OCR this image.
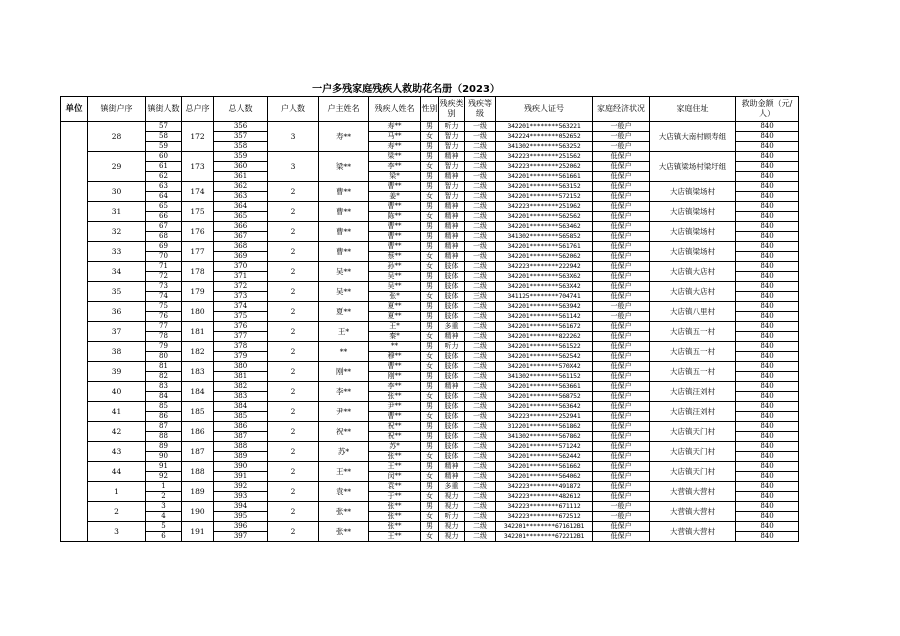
一户多残家庭残疾人救助花名册（2023）
单位	镇街户序	镇街人数	总户序	总人数	户人数	户主姓名	残疾人姓名	性别	残疾类别	残疾等级	残疾人证号	家庭经济状况	家庭住址	救助金额（元/人）
	28	57	172	356	3	寿**	寿**	男	听力	一级	342201********563221	一般户	大店镇大南村顾寿组	840
		58		357			马**	女	智力	一级	342224********052652	一般户		840
		59		358			寿**	男	智力	二级	341302********563252	一般户		840
	29	60	173	359	3	梁**	梁**	男	精神	二级	342223********251562	低保户	大店镇梁场村梁圩组	840
		61		360			李**	女	智力	二级	342223********252062	低保户		840
		62		361			梁*	男	精神	一级	342201********561661	低保户		840
	30	63	174	362	2	曹**	曹**	男	智力	二级	342201********563152	低保户	大店镇梁场村	840
		64		363			姜*	女	智力	二级	342201********572152	低保户		840
	31	65	175	364	2	曹**	曹**	男	精神	二级	342223********251962	低保户	大店镇梁场村	840
		66		365			陈**	女	精神	二级	342201********562562	低保户		840
	32	67	176	366	2	曹**	曹**	男	精神	二级	342201********563462	低保户	大店镇梁场村	840
		68		367			曹**	男	精神	二级	341302********565852	低保户		840
	33	69	177	368	2	曹**	曹**	男	精神	一级	342201********561761	低保户	大店镇梁场村	840
		70		369			蔡**	女	精神	一级	342201********562062	低保户		840
	34	71	178	370	2	吴**	孙**	女	肢体	二级	342223********222942	低保户	大店镇大店村	840
		72		371			吴**	男	肢体	二级	342201********563X62	低保户		840
	35	73	179	372	2	吴**	吴**	男	肢体	二级	342201********563X42	低保户	大店镇大店村	840
		74		373			张*	女	肢体	三级	341125********704741	低保户		840
	36	75	180	374	2	夏**	夏**	男	肢体	二级	342201********563942	一般户	大店镇八里村	840
		76		375			夏**	男	肢体	二级	342201********561142	一般户		840
	37	77	181	376	2	王*	王*	男	多重	二级	342201********561672	低保户	大店镇五一村	840
		78		377			秦*	女	精神	二级	342201********822262	低保户		840
	38	79	182	378	2	**	**	男	听力	二级	342201********561522	低保户	大店镇五一村	840
		80		379			穆**	女	肢体	二级	342201********562542	低保户		840
	39	81	183	380	2	刚**	曹**	女	肢体	二级	342201********570X42	低保户	大店镇五一村	840
		82		381			刚**	男	肢体	二级	341302********561152	低保户		840
	40	83	184	382	2	李**	李**	男	精神	二级	342201********563661	低保户	大店镇汪刘村	840
		84		383			张**	女	肢体	二级	342201********568752	低保户		840
	41	85	185	384	2	尹**	尹**	男	肢体	二级	342201********563642	低保户	大店镇汪刘村	840
		86		385			曹**	女	肢体	一级	342223********252941	低保户		840
	42	87	186	386	2	祝**	祝**	男	肢体	二级	312201********561862	低保户	大店镇天门村	840
		88		387			祝**	男	肢体	二级	341302********567862	低保户		840
	43	89	187	388	2	苏*	苏*	男	肢体	二级	342201********571242	低保户	大店镇天门村	840
		90		389			张**	女	肢体	二级	342201********562442	低保户		840
	44	91	188	390	2	王**	王**	男	精神	二级	342201********561662	低保户	大店镇天门村	840
		92		391			闵**	女	精神	二级	342201********564062	低保户		840
	1	1	189	392	2	袁**	袁**	男	多重	二级	342223********491872	低保户	大营镇大营村	840
		2		393			于**	女	视力	二级	342223********482612	低保户		840
	2	3	190	394	2	张**	张**	男	视力	二级	342223********671112	一般户	大营镇大营村	840
		4		395			张**	女	听力	二级	342223********672512	一般户		840
	3	5	191	396	2	张**	张**	男	视力	二级	342201********671612B1	低保户	大营镇大营村	840
		6		397			王**	女	视力	二级	342201********672212B1	低保户		840
